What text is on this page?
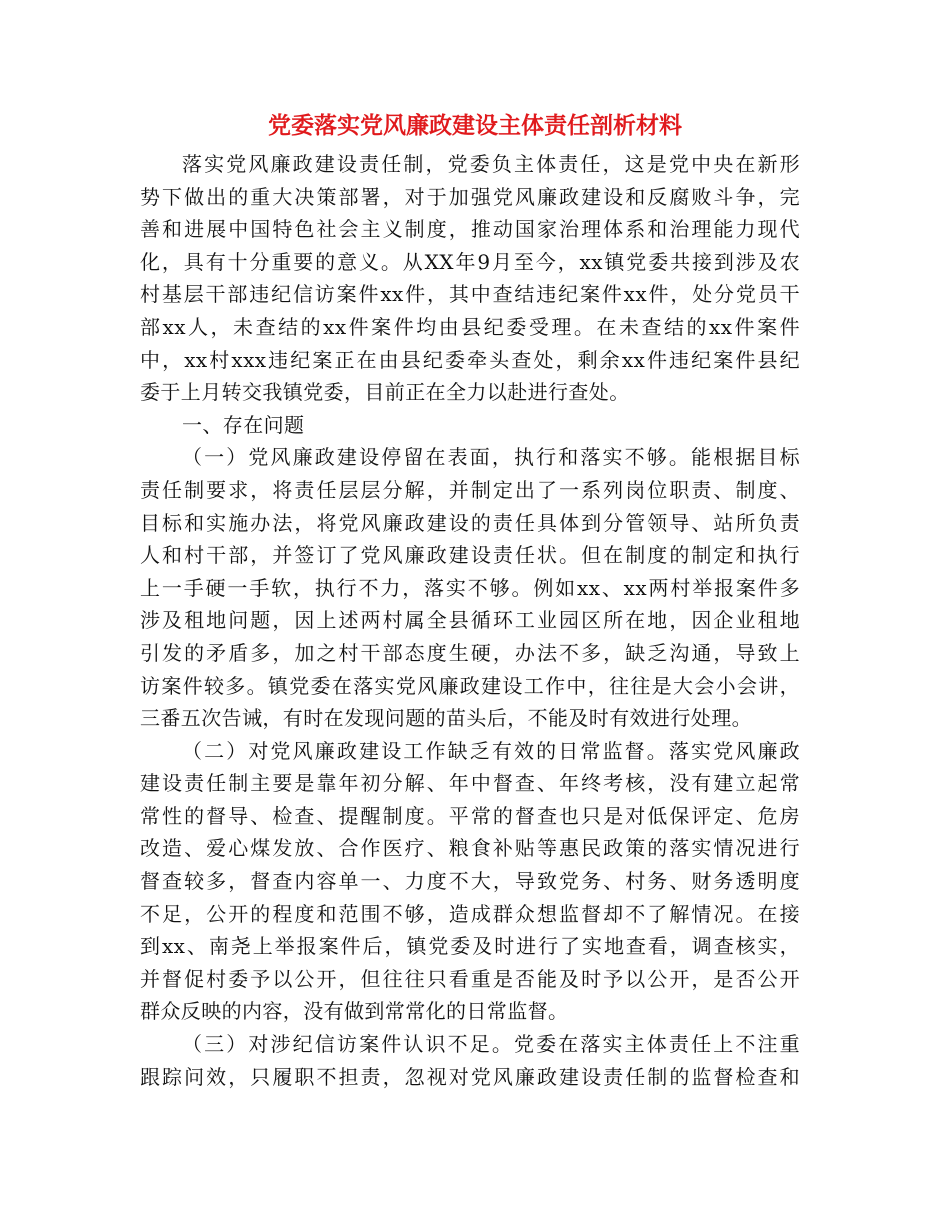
党委落实党风廉政建设主体责任剖析材料
落实党风廉政建设责任制，党委负主体责任，这是党中央在新形
势下做出的重大决策部署，对于加强党风廉政建设和反腐败斗争，完
善和进展中国特色社会主义制度，推动国家治理体系和治理能力现代
化，具有十分重要的意义。从XX年9月至今，xx镇党委共接到涉及农
村基层干部违纪信访案件xx件，其中查结违纪案件xx件，处分党员干
部xx人，未查结的xx件案件均由县纪委受理。在未查结的xx件案件
中，xx村xxx违纪案正在由县纪委牵头查处，剩余xx件违纪案件县纪
委于上月转交我镇党委，目前正在全力以赴进行查处。
一、存在问题
（一）党风廉政建设停留在表面，执行和落实不够。能根据目标
责任制要求，将责任层层分解，并制定出了一系列岗位职责、制度、
目标和实施办法，将党风廉政建设的责任具体到分管领导、站所负责
人和村干部，并签订了党风廉政建设责任状。但在制度的制定和执行
上一手硬一手软，执行不力，落实不够。例如xx、xx两村举报案件多
涉及租地问题，因上述两村属全县循环工业园区所在地，因企业租地
引发的矛盾多，加之村干部态度生硬，办法不多，缺乏沟通，导致上
访案件较多。镇党委在落实党风廉政建设工作中，往往是大会小会讲，
三番五次告诫，有时在发现问题的苗头后，不能及时有效进行处理。
（二）对党风廉政建设工作缺乏有效的日常监督。落实党风廉政
建设责任制主要是靠年初分解、年中督查、年终考核，没有建立起常
常性的督导、检查、提醒制度。平常的督查也只是对低保评定、危房
改造、爱心煤发放、合作医疗、粮食补贴等惠民政策的落实情况进行
督查较多，督查内容单一、力度不大，导致党务、村务、财务透明度
不足，公开的程度和范围不够，造成群众想监督却不了解情况。在接
到xx、南尧上举报案件后，镇党委及时进行了实地查看，调查核实，
并督促村委予以公开，但往往只看重是否能及时予以公开，是否公开
群众反映的内容，没有做到常常化的日常监督。
（三）对涉纪信访案件认识不足。党委在落实主体责任上不注重
跟踪问效，只履职不担责，忽视对党风廉政建设责任制的监督检查和
